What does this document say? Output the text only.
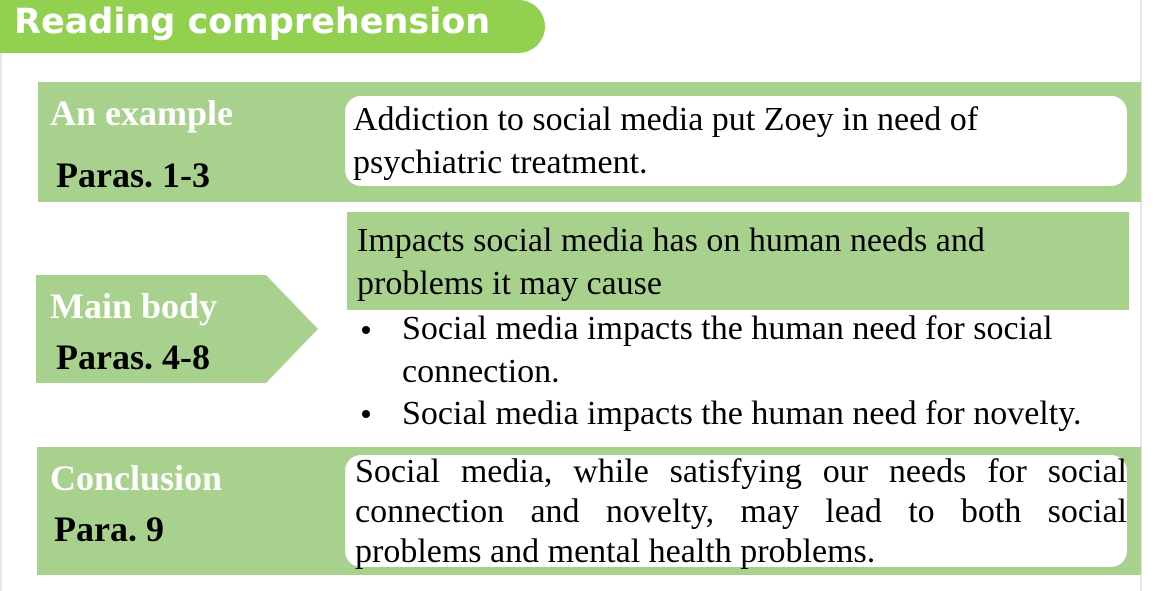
Reading comprehension
An example
Paras. 1-3
Addiction to social media put Zoey in need of psychiatric treatment.
Main body
Paras. 4-8
Impacts social media has on human needs and problems it may cause
Social media impacts the human need for social connection.
Social media impacts the human need for novelty.
Conclusion
Para. 9
Social media, while satisfying our needs for social connection and novelty, may lead to both social problems and mental health problems.
